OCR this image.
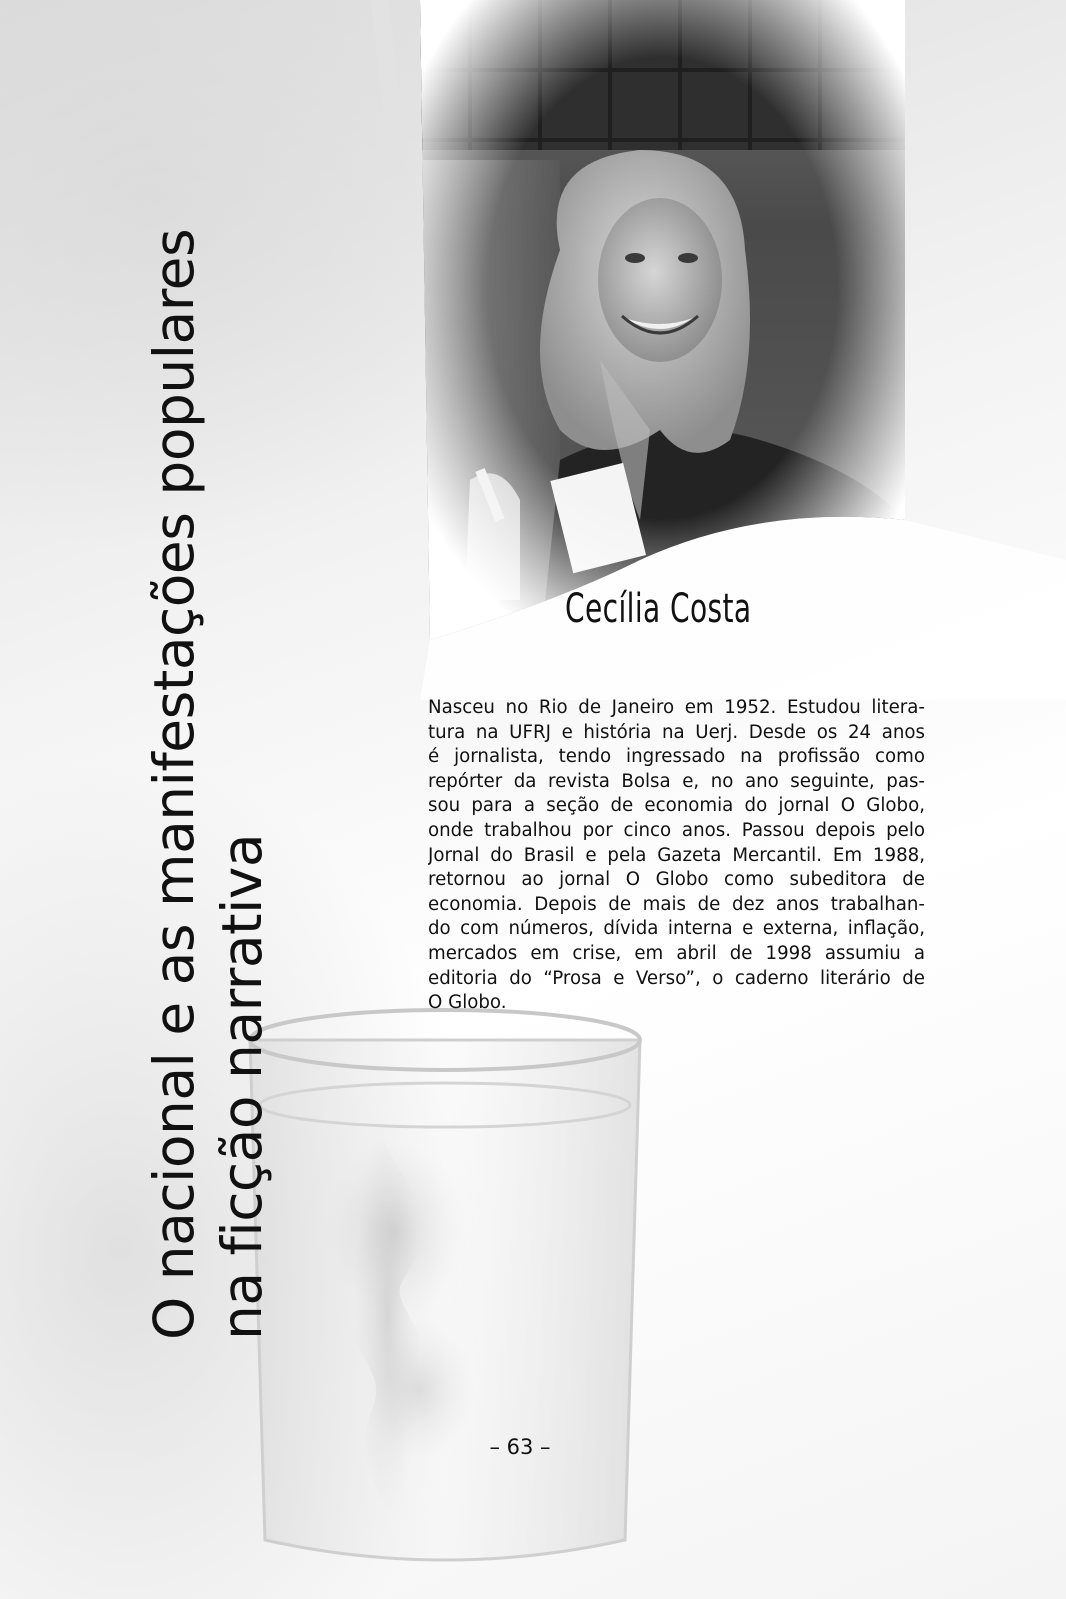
O nacional e as manifestações populares na ficção narrativa
Cecília Costa
Nasceu no Rio de Janeiro em 1952. Estudou litera-
tura na UFRJ e história na Uerj. Desde os 24 anos
é jornalista, tendo ingressado na profissão como
repórter da revista Bolsa e, no ano seguinte, pas-
sou para a seção de economia do jornal O Globo,
onde trabalhou por cinco anos. Passou depois pelo
Jornal do Brasil e pela Gazeta Mercantil. Em 1988,
retornou ao jornal O Globo como subeditora de
economia. Depois de mais de dez anos trabalhan-
do com números, dívida interna e externa, inflação,
mercados em crise, em abril de 1998 assumiu a
editoria do “Prosa e Verso”, o caderno literário de
O Globo.
– 63 –
